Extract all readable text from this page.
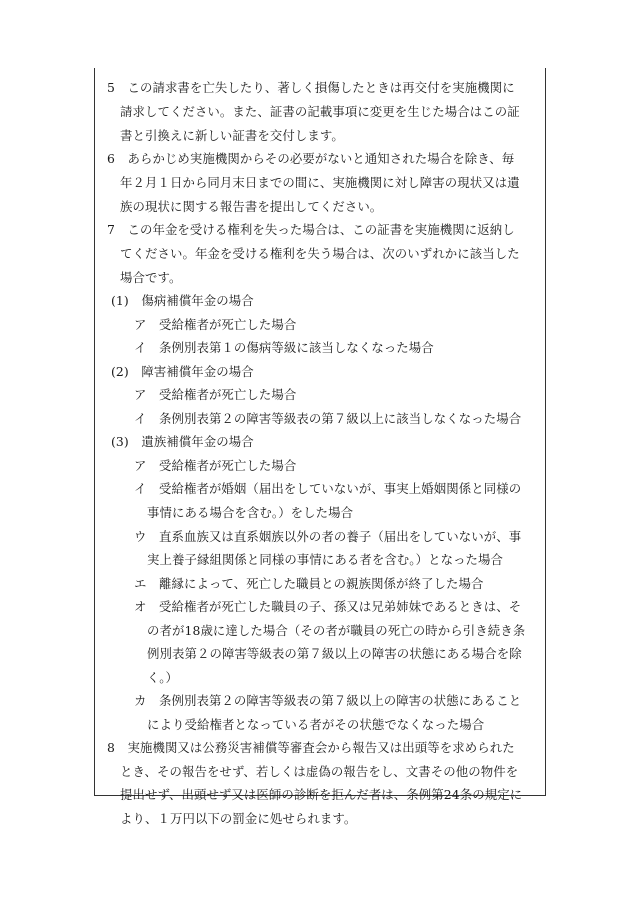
5　この請求書を亡失したり、著しく損傷したときは再交付を実施機関に
請求してください。また、証書の記載事項に変更を生じた場合はこの証
書と引換えに新しい証書を交付します。
6　あらかじめ実施機関からその必要がないと通知された場合を除き、毎
年２月１日から同月末日までの間に、実施機関に対し障害の現状又は遺
族の現状に関する報告書を提出してください。
7　この年金を受ける権利を失った場合は、この証書を実施機関に返納し
てください。年金を受ける権利を失う場合は、次のいずれかに該当した
場合です。
(1)　傷病補償年金の場合
ア　受給権者が死亡した場合
イ　条例別表第１の傷病等級に該当しなくなった場合
(2)　障害補償年金の場合
ア　受給権者が死亡した場合
イ　条例別表第２の障害等級表の第７級以上に該当しなくなった場合
(3)　遺族補償年金の場合
ア　受給権者が死亡した場合
イ　受給権者が婚姻（届出をしていないが、事実上婚姻関係と同様の
事情にある場合を含む。）をした場合
ウ　直系血族又は直系姻族以外の者の養子（届出をしていないが、事
実上養子縁組関係と同様の事情にある者を含む。）となった場合
エ　離縁によって、死亡した職員との親族関係が終了した場合
オ　受給権者が死亡した職員の子、孫又は兄弟姉妹であるときは、そ
の者が18歳に達した場合（その者が職員の死亡の時から引き続き条
例別表第２の障害等級表の第７級以上の障害の状態にある場合を除
く。）
カ　条例別表第２の障害等級表の第７級以上の障害の状態にあること
により受給権者となっている者がその状態でなくなった場合
8　実施機関又は公務災害補償等審査会から報告又は出頭等を求められた
とき、その報告をせず、若しくは虚偽の報告をし、文書その他の物件を
提出せず、出頭せず又は医師の診断を拒んだ者は、条例第24条の規定に
より、１万円以下の罰金に処せられます。
